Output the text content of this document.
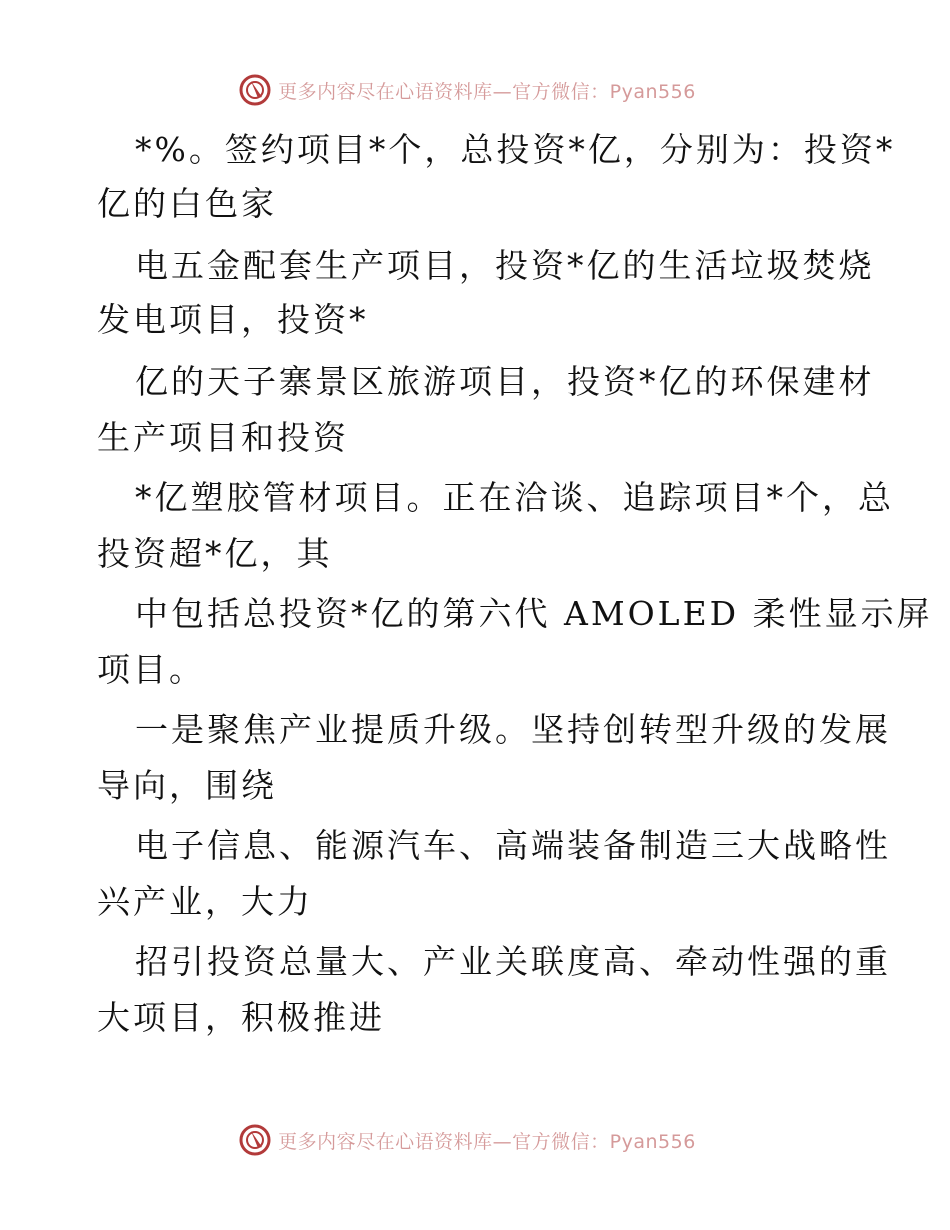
更多内容尽在心语资料库—官方微信：Pyan556
*%。签约项目*个，总投资*亿，分别为：投资*
亿的白色家
电五金配套生产项目，投资*亿的生活垃圾焚烧
发电项目，投资*
亿的天子寨景区旅游项目，投资*亿的环保建材
生产项目和投资
*亿塑胶管材项目。正在洽谈、追踪项目*个，总
投资超*亿，其
中包括总投资*亿的第六代 AMOLED 柔性显示屏
项目。
一是聚焦产业提质升级。坚持创转型升级的发展
导向，围绕
电子信息、能源汽车、高端装备制造三大战略性
兴产业，大力
招引投资总量大、产业关联度高、牵动性强的重
大项目，积极推进
更多内容尽在心语资料库—官方微信：Pyan556
